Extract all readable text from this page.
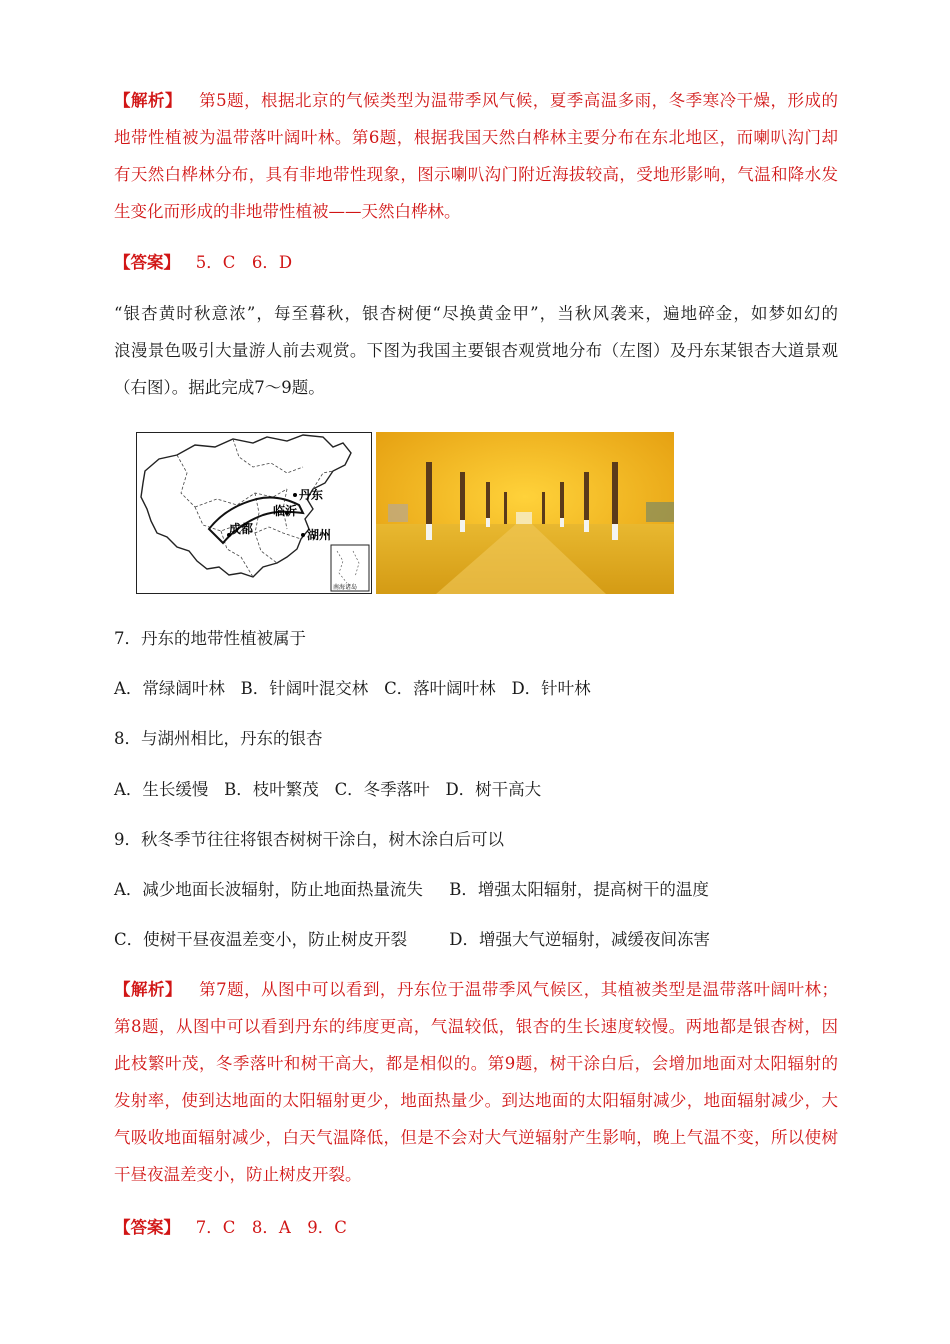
【解析】 第5题，根据北京的气候类型为温带季风气候，夏季高温多雨，冬季寒冷干燥，形成的
地带性植被为温带落叶阔叶林。第6题，根据我国天然白桦林主要分布在东北地区，而喇叭沟门却
有天然白桦林分布，具有非地带性现象，图示喇叭沟门附近海拔较高，受地形影响，气温和降水发
生变化而形成的非地带性植被——天然白桦林。
【答案】 5．C　6．D
“银杏黄时秋意浓”，每至暮秋，银杏树便“尽换黄金甲”，当秋风袭来，遍地碎金，如梦如幻的
浪漫景色吸引大量游人前去观赏。下图为我国主要银杏观赏地分布（左图）及丹东某银杏大道景观
（右图）。据此完成7～9题。
丹东
临沂
成都	湖州
南海诸岛
7．丹东的地带性植被属于
A．常绿阔叶林 B．针阔叶混交林 C．落叶阔叶林 D．针叶林
8．与湖州相比，丹东的银杏
A．生长缓慢 B．枝叶繁茂 C．冬季落叶 D．树干高大
9．秋冬季节往往将银杏树树干涂白，树木涂白后可以
A．减少地面长波辐射，防止地面热量流失 B．增强太阳辐射，提高树干的温度
C．使树干昼夜温差变小，防止树皮开裂	D．增强大气逆辐射，减缓夜间冻害
【解析】 第7题，从图中可以看到，丹东位于温带季风气候区，其植被类型是温带落叶阔叶林；
第8题，从图中可以看到丹东的纬度更高，气温较低，银杏的生长速度较慢。两地都是银杏树，因
此枝繁叶茂，冬季落叶和树干高大，都是相似的。第9题，树干涂白后，会增加地面对太阳辐射的
发射率，使到达地面的太阳辐射更少，地面热量少。到达地面的太阳辐射减少，地面辐射减少，大
气吸收地面辐射减少，白天气温降低，但是不会对大气逆辐射产生影响，晚上气温不变，所以使树
干昼夜温差变小，防止树皮开裂。
【答案】 7．C　8．A　9．C
